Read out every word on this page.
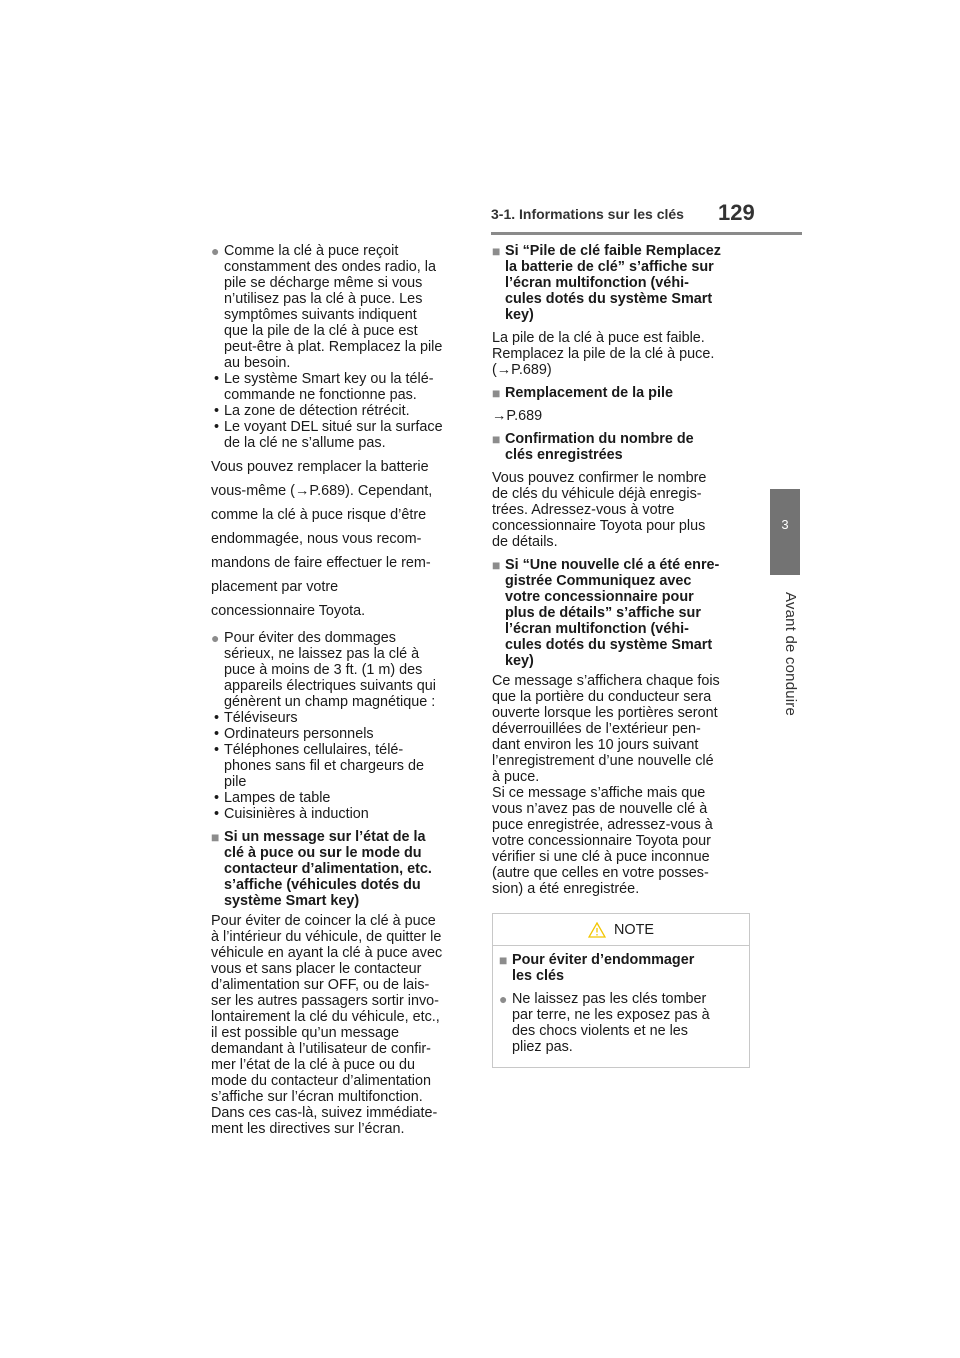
3-1. Informations sur les clés 129
3
Avant de conduire
● Comme la clé à puce reçoit
constamment des ondes radio, la
pile se décharge même si vous
n’utilisez pas la clé à puce. Les
symptômes suivants indiquent
que la pile de la clé à puce est
peut-être à plat. Remplacez la pile
au besoin.

• Le système Smart key ou la télé-
commande ne fonctionne pas.
• La zone de détection rétrécit.
• Le voyant DEL situé sur la surface
de la clé ne s’allume pas.

Vous pouvez remplacer la batterie
vous-même (→P.689). Cependant,
comme la clé à puce risque d’être
endommagée, nous vous recom-
mandons de faire effectuer le rem-
placement par votre
concessionnaire Toyota.

● Pour éviter des dommages
sérieux, ne laissez pas la clé à
puce à moins de 3 ft. (1 m) des
appareils électriques suivants qui
génèrent un champ magnétique :

• Téléviseurs
• Ordinateurs personnels
• Téléphones cellulaires, télé-
phones sans fil et chargeurs de
pile
• Lampes de table
• Cuisinières à induction
■ Si un message sur l’état de la
clé à puce ou sur le mode du
contacteur d’alimentation, etc.
s’affiche (véhicules dotés du
système Smart key)

Pour éviter de coincer la clé à puce
à l’intérieur du véhicule, de quitter le
véhicule en ayant la clé à puce avec
vous et sans placer le contacteur
d’alimentation sur OFF, ou de lais-
ser les autres passagers sortir invo-
lontairement la clé du véhicule, etc.,
il est possible qu’un message
demandant à l’utilisateur de confir-
mer l’état de la clé à puce ou du
mode du contacteur d’alimentation
s’affiche sur l’écran multifonction.
Dans ces cas-là, suivez immédiate-
ment les directives sur l’écran.

■ Si “Pile de clé faible Remplacez
la batterie de clé” s’affiche sur
l’écran multifonction (véhi-
cules dotés du système Smart
key)

La pile de la clé à puce est faible.
Remplacez la pile de la clé à puce.
(→P.689)

■ Remplacement de la pile

→P.689

■ Confirmation du nombre de
clés enregistrées

Vous pouvez confirmer le nombre
de clés du véhicule déjà enregis-
trées. Adressez-vous à votre
concessionnaire Toyota pour plus
de détails.

■ Si “Une nouvelle clé a été enre-
gistrée Communiquez avec
votre concessionnaire pour
plus de détails” s’affiche sur
l’écran multifonction (véhi-
cules dotés du système Smart
key)

Ce message s’affichera chaque fois
que la portière du conducteur sera
ouverte lorsque les portières seront
déverrouillées de l’extérieur pen-
dant environ les 10 jours suivant
l’enregistrement d’une nouvelle clé
à puce.
Si ce message s’affiche mais que
vous n’avez pas de nouvelle clé à
puce enregistrée, adressez-vous à
votre concessionnaire Toyota pour
vérifier si une clé à puce inconnue
(autre que celles en votre posses-
sion) a été enregistrée.

NOTE
■ Pour éviter d’endommager
les clés

● Ne laissez pas les clés tomber
par terre, ne les exposez pas à
des chocs violents et ne les
pliez pas.
